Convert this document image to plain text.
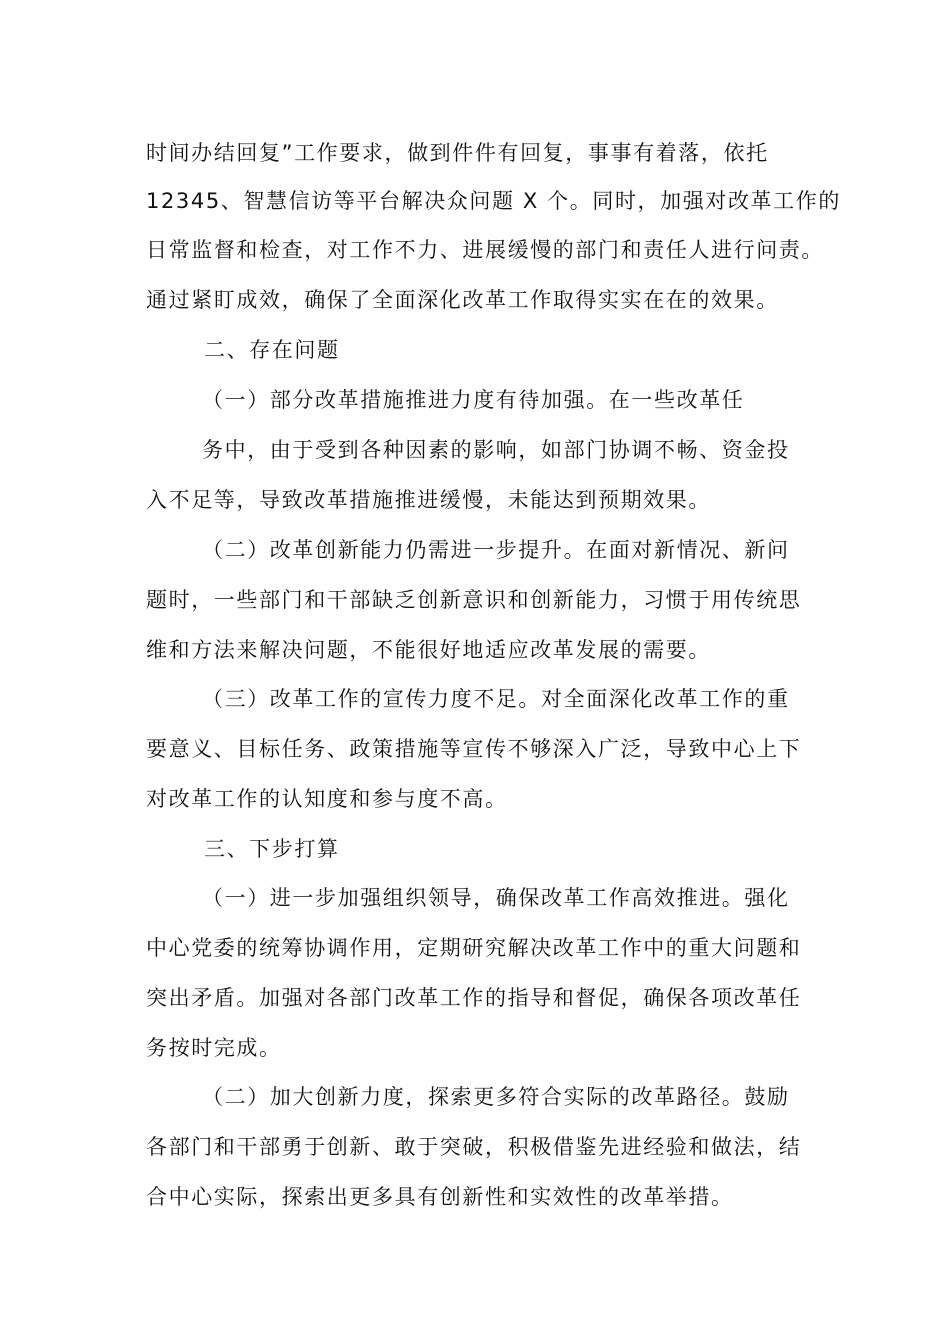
时间办结回复”工作要求，做到件件有回复，事事有着落，依托
12345、智慧信访等平台解决众问题 X 个。同时，加强对改革工作的
日常监督和检查，对工作不力、进展缓慢的部门和责任人进行问责。
通过紧盯成效，确保了全面深化改革工作取得实实在在的效果。
二、存在问题
（一）部分改革措施推进力度有待加强。在一些改革任
务中，由于受到各种因素的影响，如部门协调不畅、资金投
入不足等，导致改革措施推进缓慢，未能达到预期效果。
（二）改革创新能力仍需进一步提升。在面对新情况、新问
题时，一些部门和干部缺乏创新意识和创新能力，习惯于用传统思
维和方法来解决问题，不能很好地适应改革发展的需要。
（三）改革工作的宣传力度不足。对全面深化改革工作的重
要意义、目标任务、政策措施等宣传不够深入广泛，导致中心上下
对改革工作的认知度和参与度不高。
三、下步打算
（一）进一步加强组织领导，确保改革工作高效推进。强化
中心党委的统筹协调作用，定期研究解决改革工作中的重大问题和
突出矛盾。加强对各部门改革工作的指导和督促，确保各项改革任
务按时完成。
（二）加大创新力度，探索更多符合实际的改革路径。鼓励
各部门和干部勇于创新、敢于突破，积极借鉴先进经验和做法，结
合中心实际，探索出更多具有创新性和实效性的改革举措。
